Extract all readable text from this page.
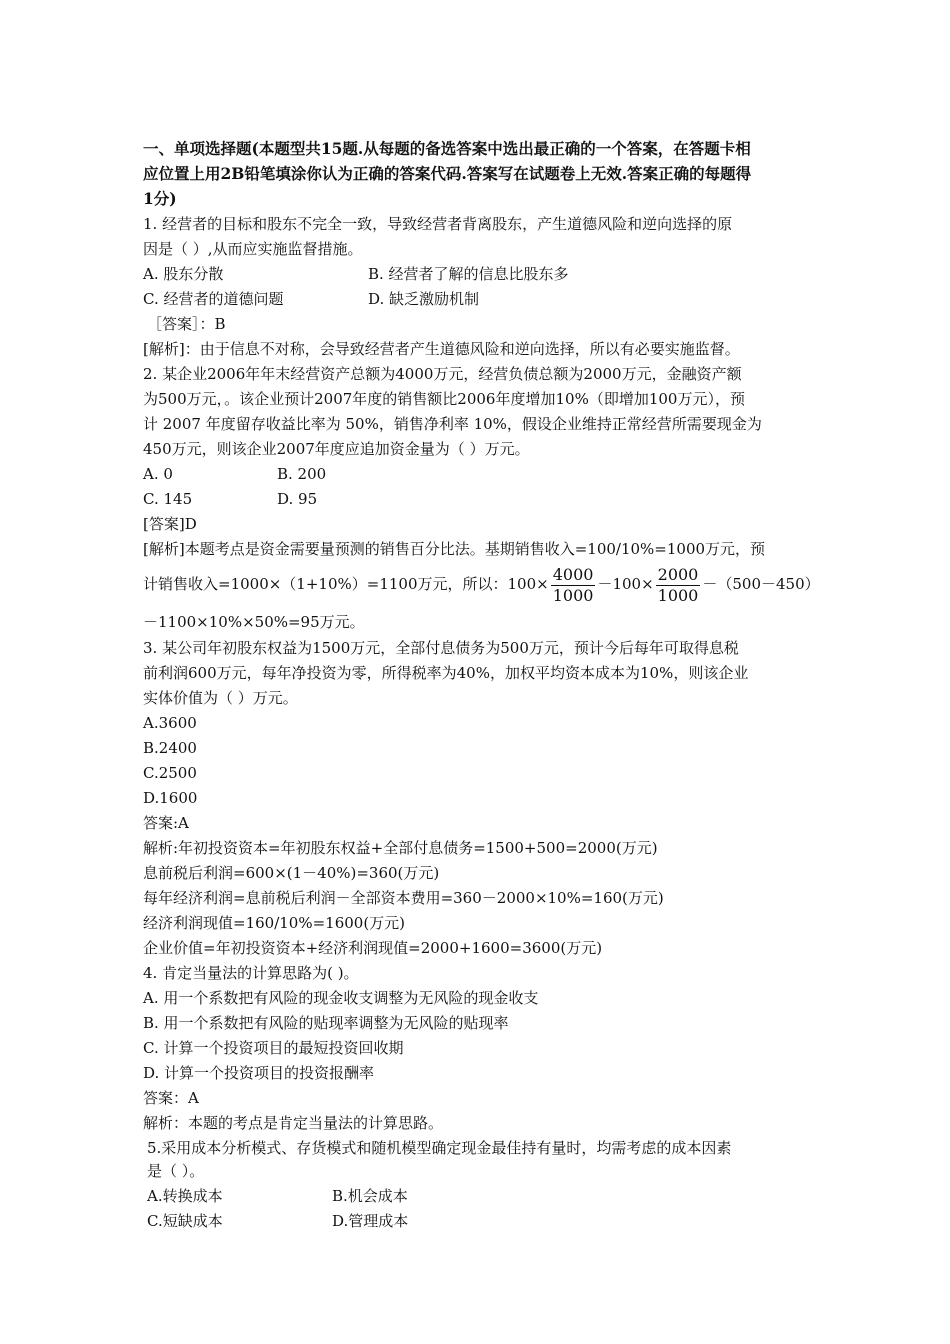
一、单项选择题(本题型共15题.从每题的备选答案中选出最正确的一个答案，在答题卡相
应位置上用2B铅笔填涂你认为正确的答案代码.答案写在试题卷上无效.答案正确的每题得
1分)
1. 经营者的目标和股东不完全一致，导致经营者背离股东，产生道德风险和逆向选择的原
因是（ ）,从而应实施监督措施。
A. 股东分散	B. 经营者了解的信息比股东多
C. 经营者的道德问题	D. 缺乏激励机制
［答案］：B
[解析]：由于信息不对称，会导致经营者产生道德风险和逆向选择，所以有必要实施监督。
2. 某企业2006年年末经营资产总额为4000万元，经营负债总额为2000万元，金融资产额
为500万元，。该企业预计2007年度的销售额比2006年度增加10%（即增加100万元），预
计 2007 年度留存收益比率为 50%，销售净利率 10%，假设企业维持正常经营所需要现金为
450万元，则该企业2007年度应追加资金量为（ ）万元。
A. 0	B. 200
C. 145	D. 95
[答案]D
[解析]本题考点是资金需要量预测的销售百分比法。基期销售收入=100/10%=1000万元，预
计销售收入=1000×（1+10%）=1100万元，所以：$100\times \frac{4000}{1000} -100\times \frac{2000}{1000} -(500-450)$
－1100×10%×50%=95万元。
3. 某公司年初股东权益为1500万元，全部付息债务为500万元，预计今后每年可取得息税
前利润600万元，每年净投资为零，所得税率为40%，加权平均资本成本为10%，则该企业
实体价值为（ ）万元。
A.3600
B.2400
C.2500
D.1600
答案:A
解析:年初投资资本=年初股东权益+全部付息债务=1500+500=2000(万元)
息前税后利润=600×(1－40%)=360(万元)
每年经济利润=息前税后利润－全部资本费用=360－2000×10%=160(万元)
经济利润现值=160/10%=1600(万元)
企业价值=年初投资资本+经济利润现值=2000+1600=3600(万元)
4. 肯定当量法的计算思路为( )。
A. 用一个系数把有风险的现金收支调整为无风险的现金收支
B. 用一个系数把有风险的贴现率调整为无风险的贴现率
C. 计算一个投资项目的最短投资回收期
D. 计算一个投资项目的投资报酬率
答案：A
解析：本题的考点是肯定当量法的计算思路。
5.采用成本分析模式、存货模式和随机模型确定现金最佳持有量时，均需考虑的成本因素
是（ ）。
A.转换成本	B.机会成本
C.短缺成本	D.管理成本
